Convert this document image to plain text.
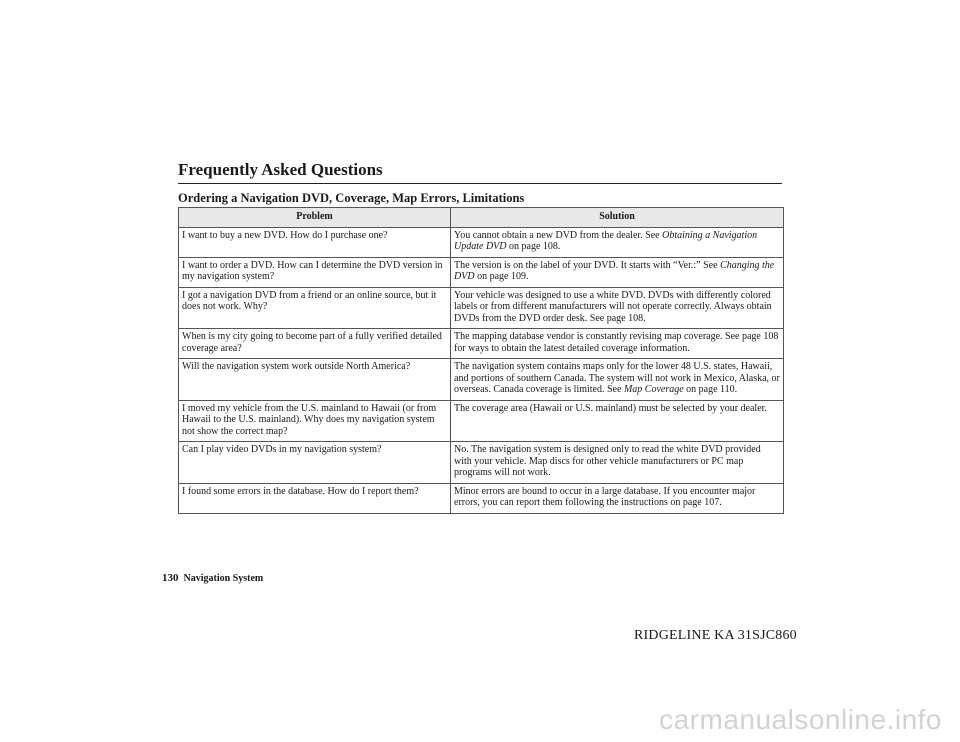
Frequently Asked Questions
Ordering a Navigation DVD, Coverage, Map Errors, Limitations
Problem	Solution
I want to buy a new DVD. How do I purchase one?	You cannot obtain a new DVD from the dealer. See Obtaining a Navigation Update DVD on page 108.
I want to order a DVD. How can I determine the DVD version in my navigation system?	The version is on the label of your DVD. It starts with “Ver.:” See Changing the DVD on page 109.
I got a navigation DVD from a friend or an online source, but it does not work. Why?	Your vehicle was designed to use a white DVD. DVDs with differently colored labels or from different manufacturers will not operate correctly. Always obtain DVDs from the DVD order desk. See page 108.
When is my city going to become part of a fully verified detailed coverage area?	The mapping database vendor is constantly revising map coverage. See page 108 for ways to obtain the latest detailed coverage information.
Will the navigation system work outside North America?	The navigation system contains maps only for the lower 48 U.S. states, Hawaii, and portions of southern Canada. The system will not work in Mexico, Alaska, or overseas. Canada coverage is limited. See Map Coverage on page 110.
I moved my vehicle from the U.S. mainland to Hawaii (or from Hawaii to the U.S. mainland). Why does my navigation system not show the correct map?	The coverage area (Hawaii or U.S. mainland) must be selected by your dealer.
Can I play video DVDs in my navigation system?	No. The navigation system is designed only to read the white DVD provided with your vehicle. Map discs for other vehicle manufacturers or PC map programs will not work.
I found some errors in the database. How do I report them?	Minor errors are bound to occur in a large database. If you encounter major errors, you can report them following the instructions on page 107.
130 Navigation System
RIDGELINE KA 31SJC860
carmanualsonline.info
